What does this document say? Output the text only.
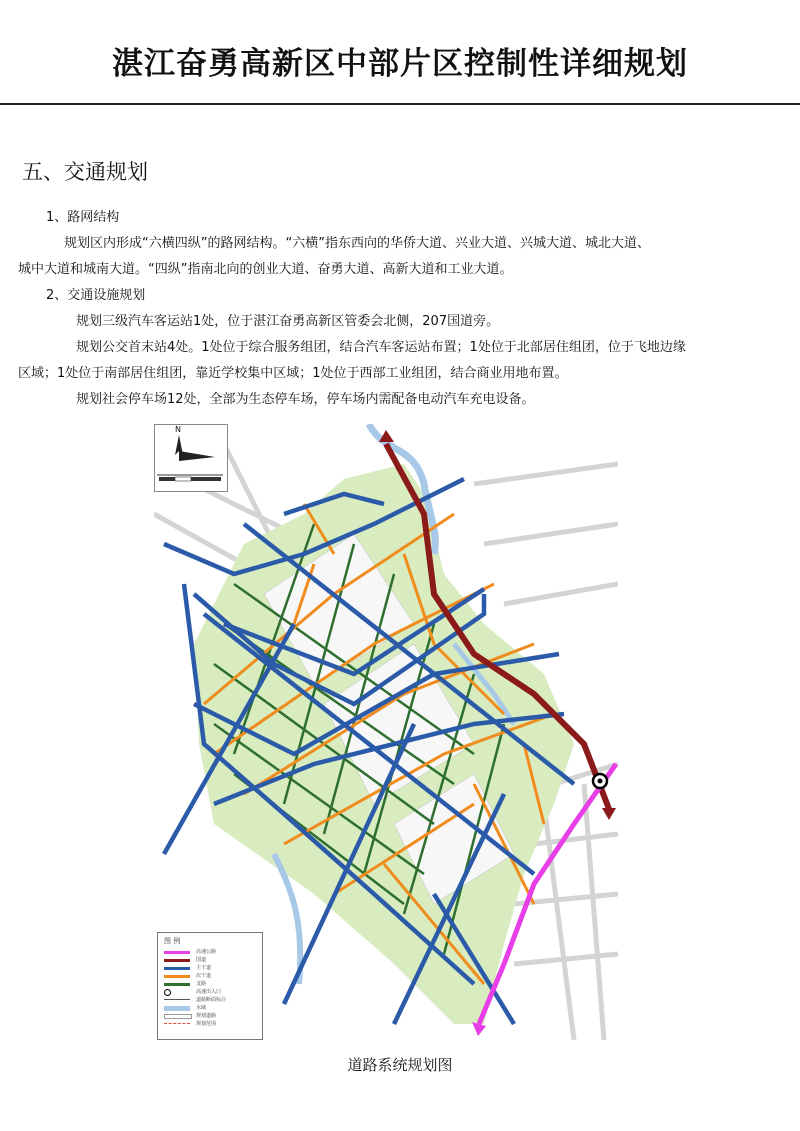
湛江奋勇高新区中部片区控制性详细规划
五、交通规划

1、路网结构

规划区内形成“六横四纵”的路网结构。“六横”指东西向的华侨大道、兴业大道、兴城大道、城北大道、

城中大道和城南大道。“四纵”指南北向的创业大道、奋勇大道、高新大道和工业大道。

2、交通设施规划

规划三级汽车客运站1处，位于湛江奋勇高新区管委会北侧，207国道旁。

规划公交首末站4处。1处位于综合服务组团，结合汽车客运站布置；1处位于北部居住组团，位于飞地边缘

区域；1处位于南部居住组团，靠近学校集中区域；1处位于西部工业组团，结合商业用地布置。

规划社会停车场12处，全部为生态停车场，停车场内需配备电动汽车充电设备。

N
图 例
高速公路
国道
主干道
次干道
支路
高速出入口
道路断面标注
水域
规划道路
规划范围
道路系统规划图
